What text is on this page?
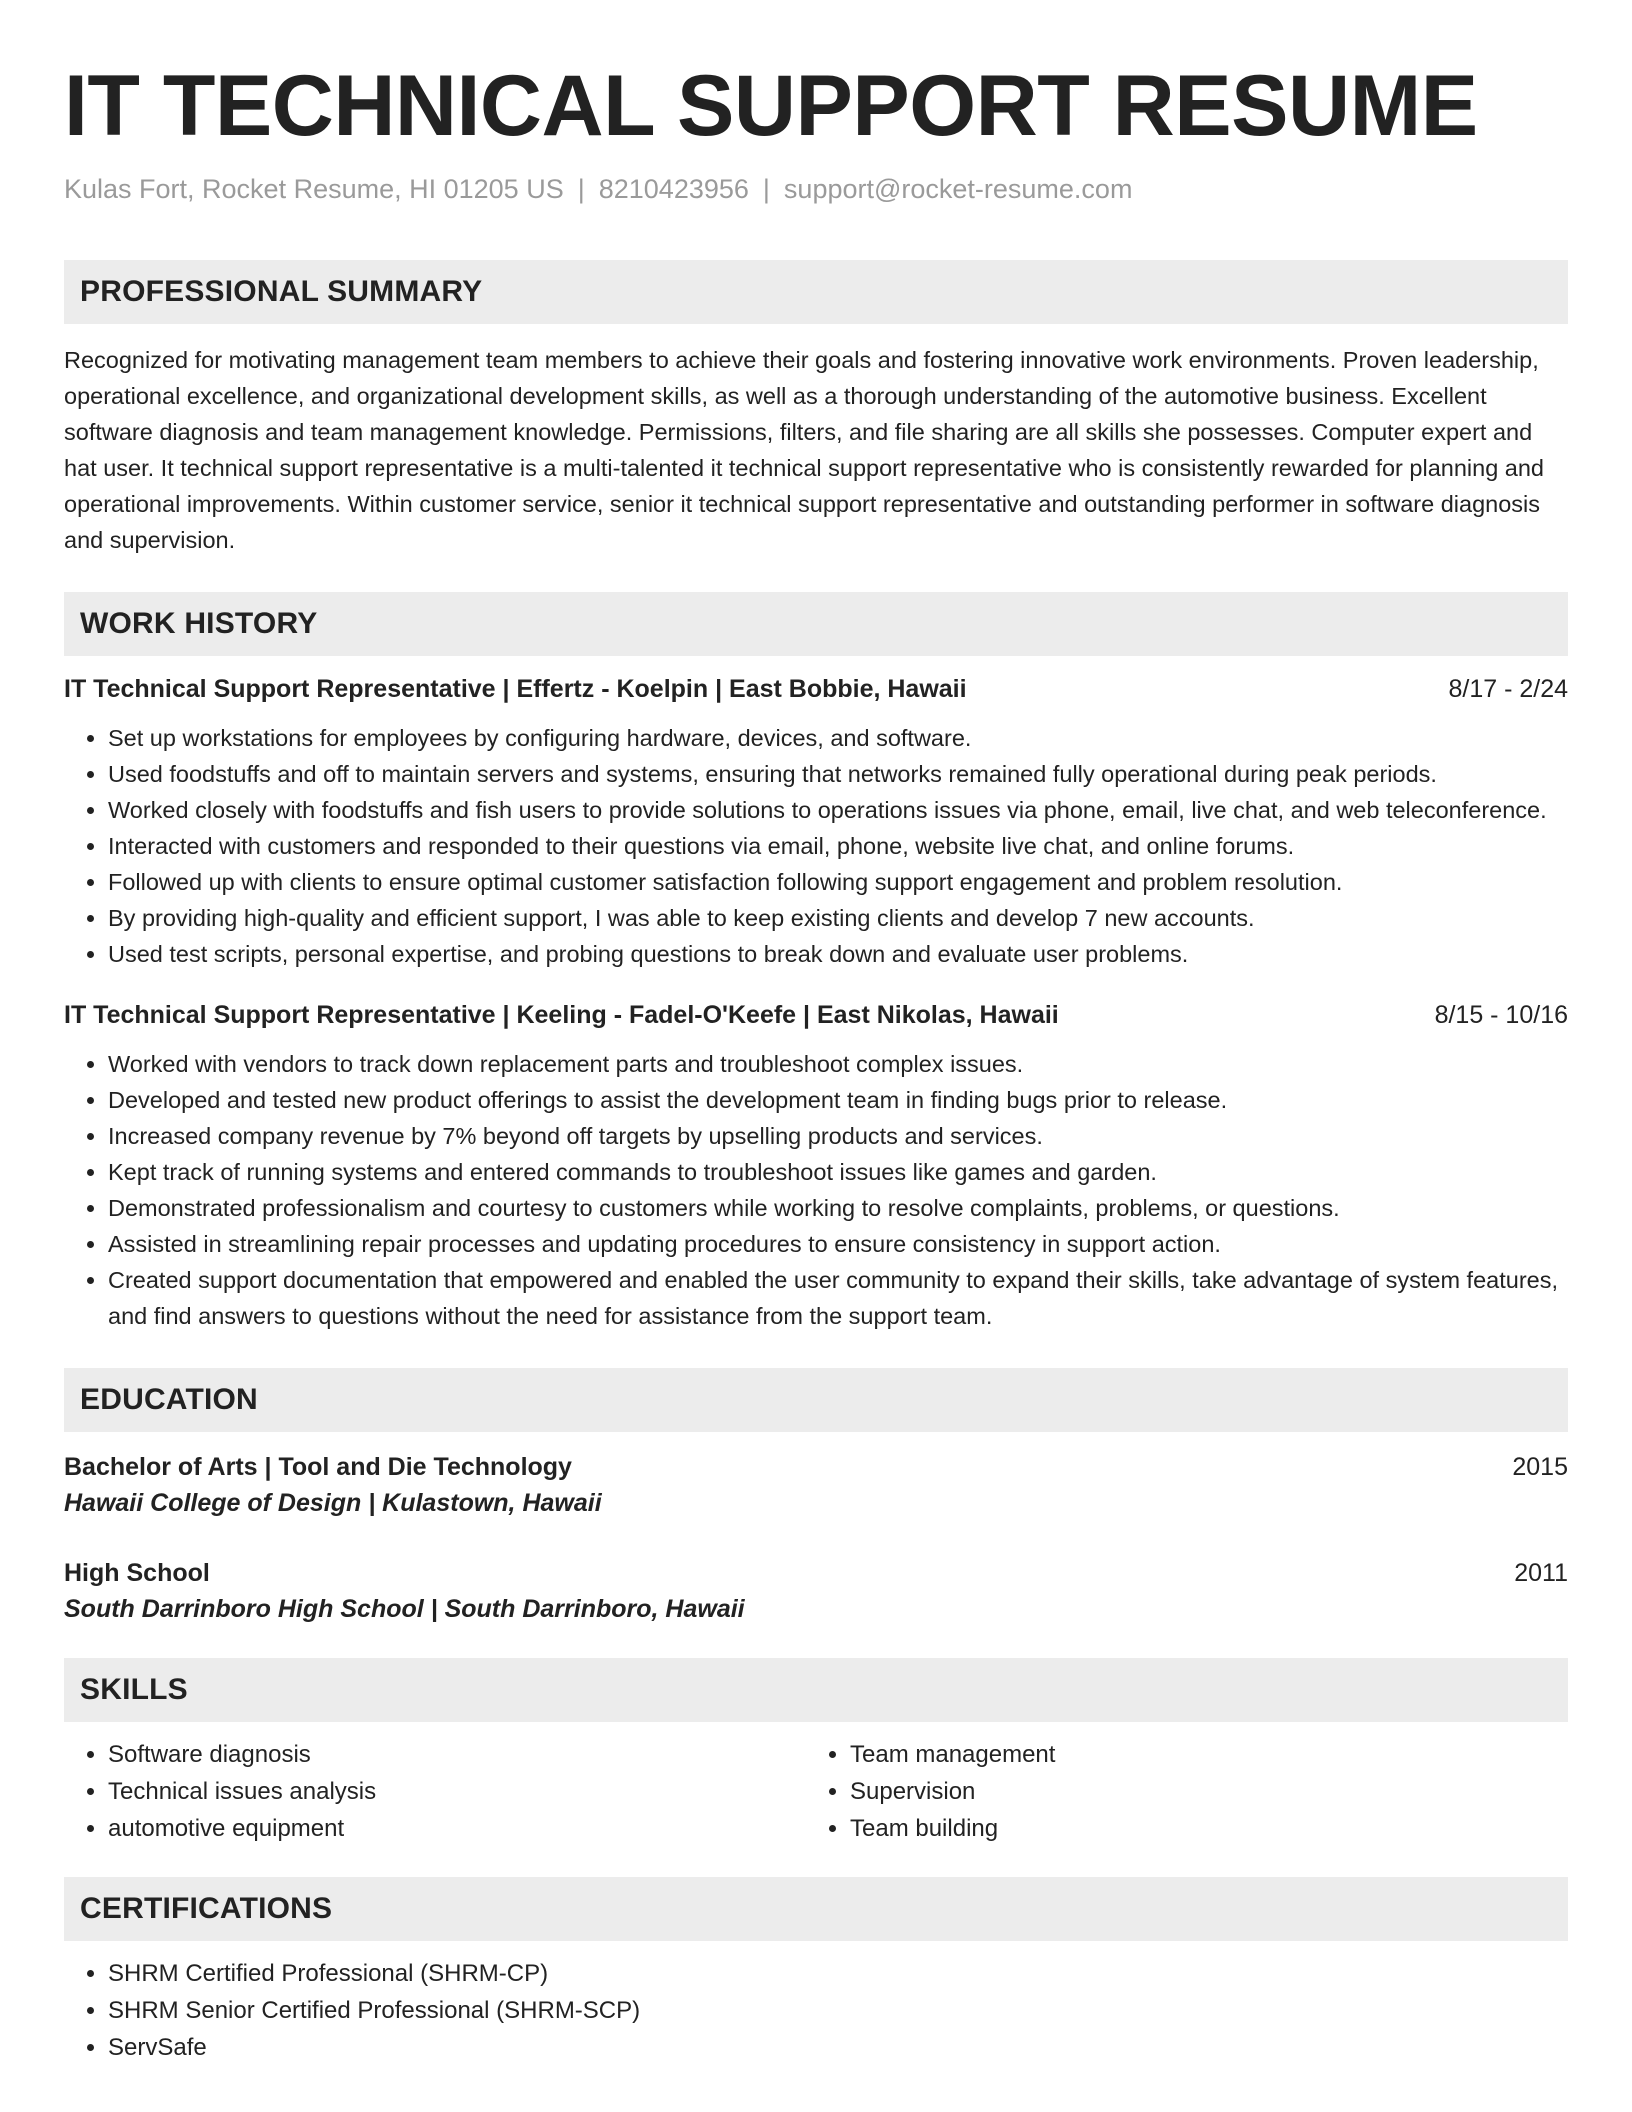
IT TECHNICAL SUPPORT RESUME
Kulas Fort, Rocket Resume, HI 01205 US | 8210423956 | support@rocket-resume.com
PROFESSIONAL SUMMARY
Recognized for motivating management team members to achieve their goals and fostering innovative work environments. Proven leadership, operational excellence, and organizational development skills, as well as a thorough understanding of the automotive business. Excellent software diagnosis and team management knowledge. Permissions, filters, and file sharing are all skills she possesses. Computer expert and hat user. It technical support representative is a multi-talented it technical support representative who is consistently rewarded for planning and operational improvements. Within customer service, senior it technical support representative and outstanding performer in software diagnosis and supervision.
WORK HISTORY
IT Technical Support Representative | Effertz - Koelpin | East Bobbie, Hawaii	8/17 - 2/24
• Set up workstations for employees by configuring hardware, devices, and software.
• Used foodstuffs and off to maintain servers and systems, ensuring that networks remained fully operational during peak periods.
• Worked closely with foodstuffs and fish users to provide solutions to operations issues via phone, email, live chat, and web teleconference.
• Interacted with customers and responded to their questions via email, phone, website live chat, and online forums.
• Followed up with clients to ensure optimal customer satisfaction following support engagement and problem resolution.
• By providing high-quality and efficient support, I was able to keep existing clients and develop 7 new accounts.
• Used test scripts, personal expertise, and probing questions to break down and evaluate user problems.
IT Technical Support Representative | Keeling - Fadel-O'Keefe | East Nikolas, Hawaii	8/15 - 10/16
• Worked with vendors to track down replacement parts and troubleshoot complex issues.
• Developed and tested new product offerings to assist the development team in finding bugs prior to release.
• Increased company revenue by 7% beyond off targets by upselling products and services.
• Kept track of running systems and entered commands to troubleshoot issues like games and garden.
• Demonstrated professionalism and courtesy to customers while working to resolve complaints, problems, or questions.
• Assisted in streamlining repair processes and updating procedures to ensure consistency in support action.
• Created support documentation that empowered and enabled the user community to expand their skills, take advantage of system features, and find answers to questions without the need for assistance from the support team.
EDUCATION
Bachelor of Arts | Tool and Die Technology	2015
Hawaii College of Design | Kulastown, Hawaii
High School	2011
South Darrinboro High School | South Darrinboro, Hawaii
SKILLS
• Software diagnosis
• Technical issues analysis
• automotive equipment
• Team management
• Supervision
• Team building
CERTIFICATIONS
• SHRM Certified Professional (SHRM-CP)
• SHRM Senior Certified Professional (SHRM-SCP)
• ServSafe
